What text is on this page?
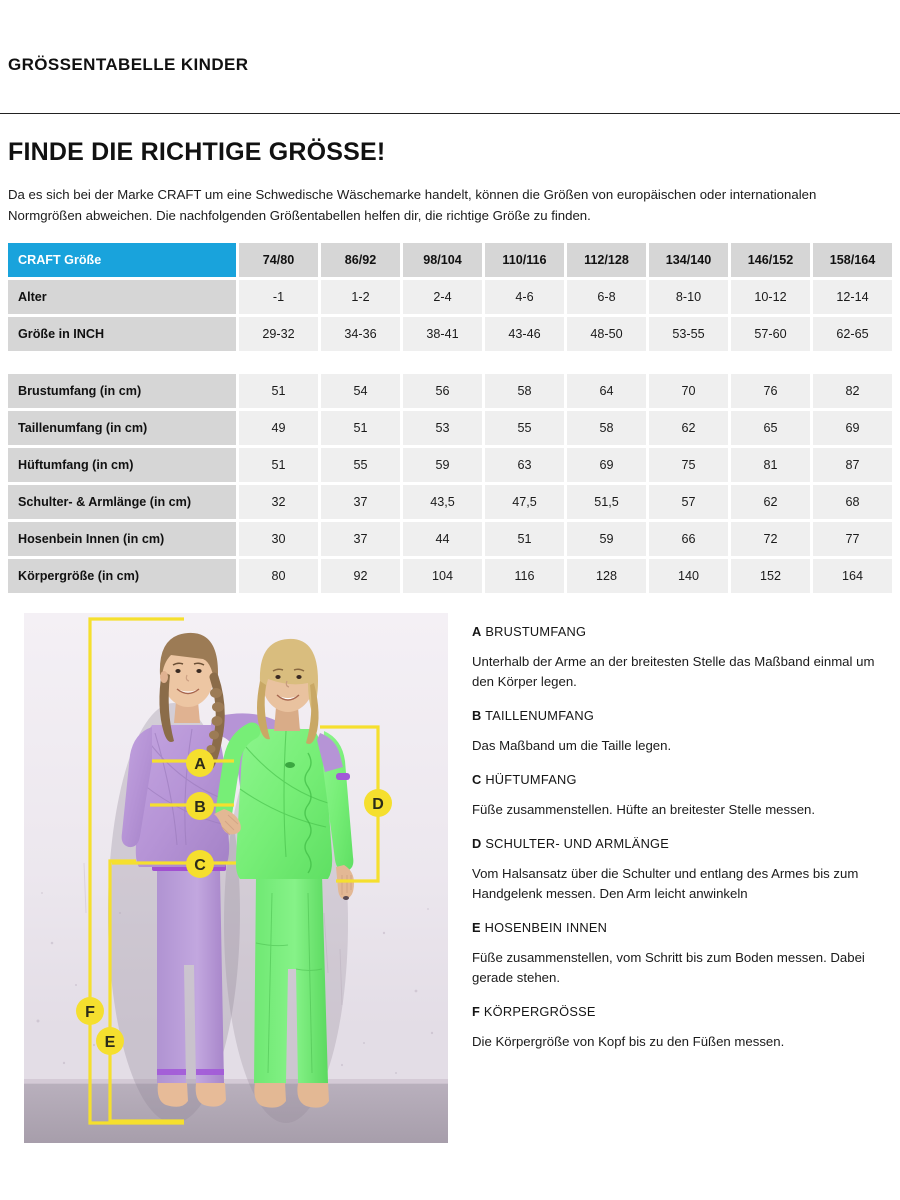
GRÖSSENTABELLE KINDER
FINDE DIE RICHTIGE GRÖSSE!
Da es sich bei der Marke CRAFT um eine Schwedische Wäschemarke handelt, können die Größen von europäischen oder internationalen Normgrößen abweichen. Die nachfolgenden Größentabellen helfen dir, die richtige Größe zu finden.
CRAFT Größe	74/80	86/92	98/104	110/116	112/128	134/140	146/152	158/164
Alter	-1	1-2	2-4	4-6	6-8	8-10	10-12	12-14
Größe in INCH	29-32	34-36	38-41	43-46	48-50	53-55	57-60	62-65
Brustumfang (in cm)	51	54	56	58	64	70	76	82
Taillenumfang (in cm)	49	51	53	55	58	62	65	69
Hüftumfang (in cm)	51	55	59	63	69	75	81	87
Schulter- & Armlänge (in cm)	32	37	43,5	47,5	51,5	57	62	68
Hosenbein Innen (in cm)	30	37	44	51	59	66	72	77
Körpergröße (in cm)	80	92	104	116	128	140	152	164
A
B
C
D
F
E
A BRUSTUMFANG
Unterhalb der Arme an der breitesten Stelle das Maßband einmal um den Körper legen.
B TAILLENUMFANG
Das Maßband um die Taille legen.
C HÜFTUMFANG
Füße zusammenstellen. Hüfte an breitester Stelle messen.
D SCHULTER- UND ARMLÄNGE
Vom Halsansatz über die Schulter und entlang des Armes bis zum Handgelenk messen. Den Arm leicht anwinkeln
E HOSENBEIN INNEN
Füße zusammenstellen, vom Schritt bis zum Boden messen. Dabei gerade stehen.
F KÖRPERGRÖSSE
Die Körpergröße von Kopf bis zu den Füßen messen.
